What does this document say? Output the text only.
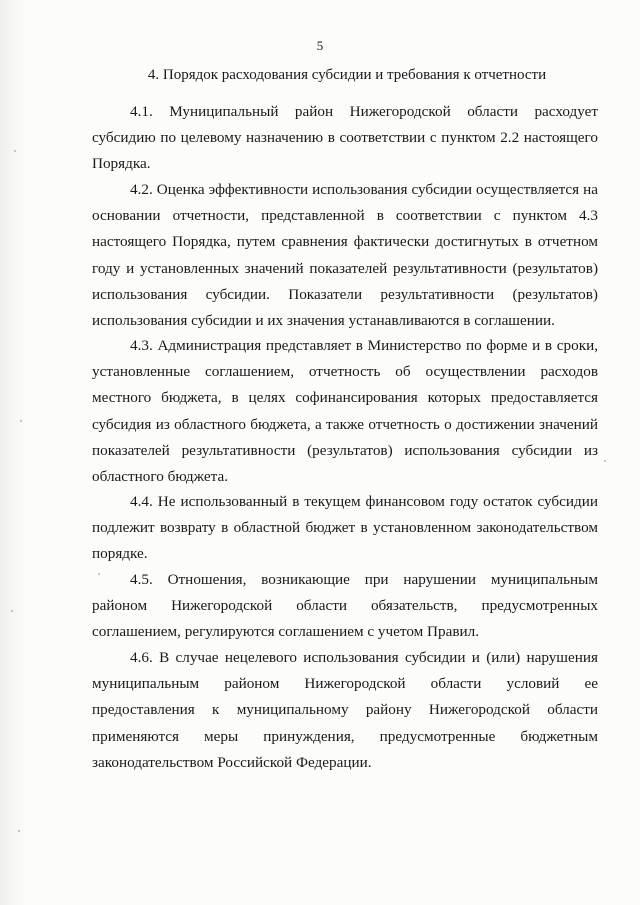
5
4. Порядок расходования субсидии и требования к отчетности

4.1. Муниципальный район Нижегородской области расходует субсидию по целевому назначению в соответствии с пунктом 2.2 настоящего Порядка.

4.2. Оценка эффективности использования субсидии осуществляется на основании отчетности, представленной в соответствии с пунктом 4.3 настоящего Порядка, путем сравнения фактически достигнутых в отчетном году и установленных значений показателей результативности (результатов) использования субсидии. Показатели результативности (результатов) использования субсидии и их значения устанавливаются в соглашении.

4.3. Администрация представляет в Министерство по форме и в сроки, установленные соглашением, отчетность об осуществлении расходов местного бюджета, в целях софинансирования которых предоставляется субсидия из областного бюджета, а также отчетность о достижении значений показателей результативности (результатов) использования субсидии из областного бюджета.

4.4. Не использованный в текущем финансовом году остаток субсидии подлежит возврату в областной бюджет в установленном законодательством порядке.

4.5. Отношения, возникающие при нарушении муниципальным районом Нижегородской области обязательств, предусмотренных соглашением, регулируются соглашением с учетом Правил.

4.6. В случае нецелевого использования субсидии и (или) нарушения муниципальным районом Нижегородской области условий ее предоставления к муниципальному району Нижегородской области применяются меры принуждения, предусмотренные бюджетным законодательством Российской Федерации.
